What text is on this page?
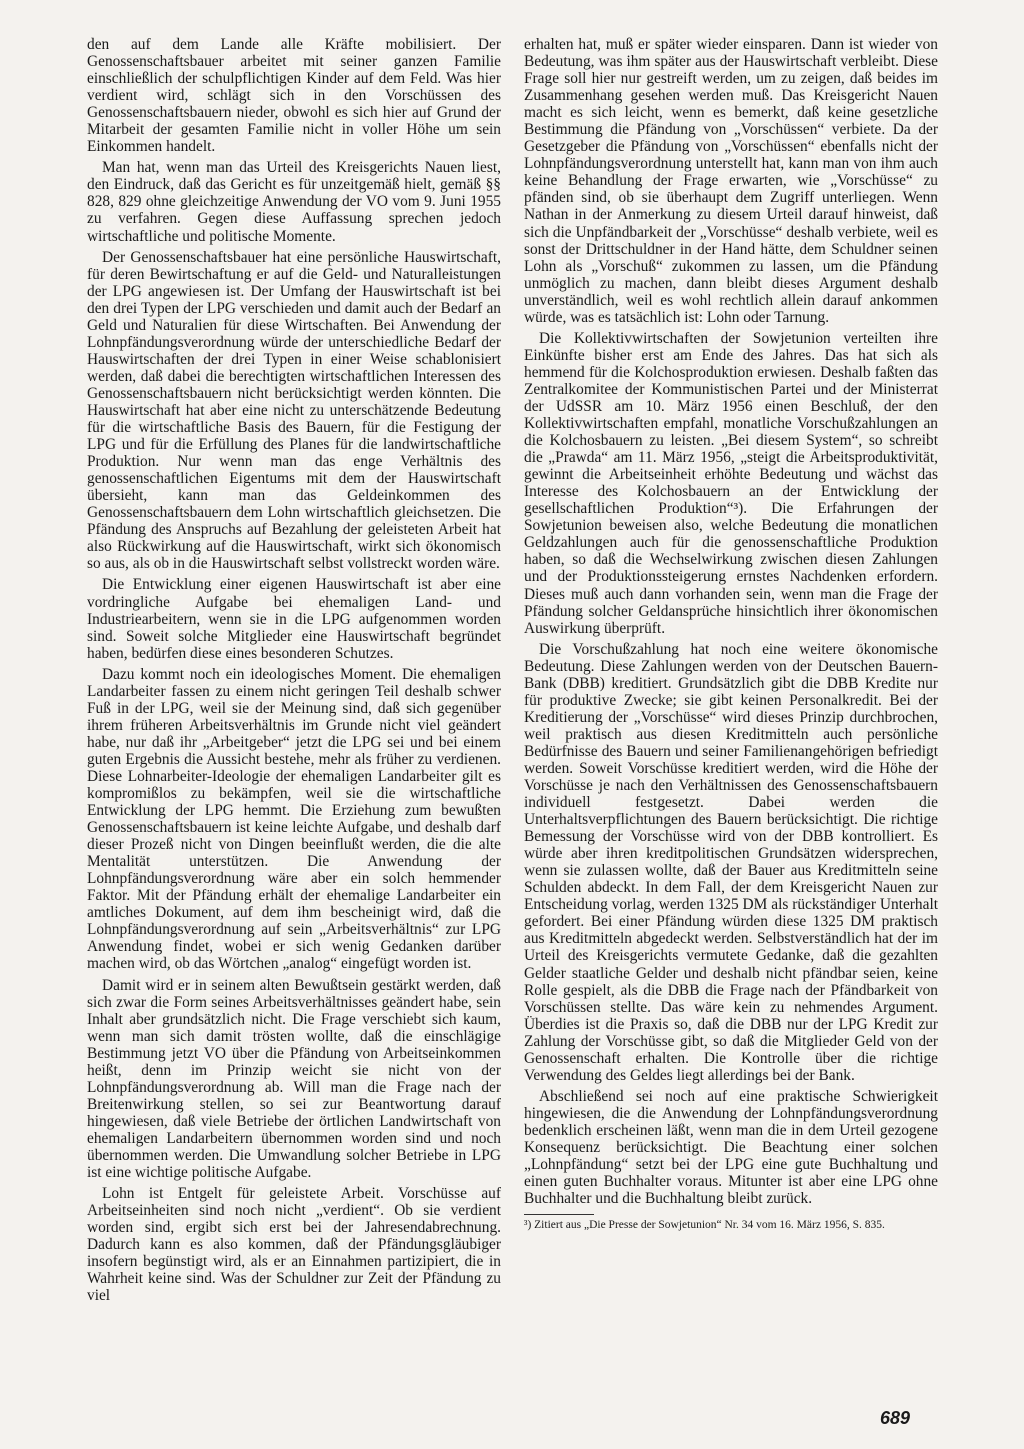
den auf dem Lande alle Kräfte mobilisiert. Der Genossenschaftsbauer arbeitet mit seiner ganzen Familie einschließlich der schulpflichtigen Kinder auf dem Feld. Was hier verdient wird, schlägt sich in den Vorschüssen des Genossenschaftsbauern nieder, obwohl es sich hier auf Grund der Mitarbeit der gesamten Familie nicht in voller Höhe um sein Einkommen handelt.

Man hat, wenn man das Urteil des Kreisgerichts Nauen liest, den Eindruck, daß das Gericht es für unzeitgemäß hielt, gemäß §§ 828, 829 ohne gleichzeitige Anwendung der VO vom 9. Juni 1955 zu verfahren. Gegen diese Auffassung sprechen jedoch wirtschaftliche und politische Momente.

Der Genossenschaftsbauer hat eine persönliche Hauswirtschaft, für deren Bewirtschaftung er auf die Geld- und Naturalleistungen der LPG angewiesen ist. Der Umfang der Hauswirtschaft ist bei den drei Typen der LPG verschieden und damit auch der Bedarf an Geld und Naturalien für diese Wirtschaften. Bei Anwendung der Lohnpfändungsverordnung würde der unterschiedliche Bedarf der Hauswirtschaften der drei Typen in einer Weise schablonisiert werden, daß dabei die berechtigten wirtschaftlichen Interessen des Genossenschaftsbauern nicht berücksichtigt werden könnten. Die Hauswirtschaft hat aber eine nicht zu unterschätzende Bedeutung für die wirtschaftliche Basis des Bauern, für die Festigung der LPG und für die Erfüllung des Planes für die landwirtschaftliche Produktion. Nur wenn man das enge Verhältnis des genossenschaftlichen Eigentums mit dem der Hauswirtschaft übersieht, kann man das Geldeinkommen des Genossenschaftsbauern dem Lohn wirtschaftlich gleichsetzen. Die Pfändung des Anspruchs auf Bezahlung der geleisteten Arbeit hat also Rückwirkung auf die Hauswirtschaft, wirkt sich ökonomisch so aus, als ob in die Hauswirtschaft selbst vollstreckt worden wäre.

Die Entwicklung einer eigenen Hauswirtschaft ist aber eine vordringliche Aufgabe bei ehemaligen Land- und Industriearbeitern, wenn sie in die LPG aufgenommen worden sind. Soweit solche Mitglieder eine Hauswirtschaft begründet haben, bedürfen diese eines besonderen Schutzes.

Dazu kommt noch ein ideologisches Moment. Die ehemaligen Landarbeiter fassen zu einem nicht geringen Teil deshalb schwer Fuß in der LPG, weil sie der Meinung sind, daß sich gegenüber ihrem früheren Arbeitsverhältnis im Grunde nicht viel geändert habe, nur daß ihr „Arbeitgeber“ jetzt die LPG sei und bei einem guten Ergebnis die Aussicht bestehe, mehr als früher zu verdienen. Diese Lohnarbeiter-Ideologie der ehemaligen Landarbeiter gilt es kompromißlos zu bekämpfen, weil sie die wirtschaftliche Entwicklung der LPG hemmt. Die Erziehung zum bewußten Genossenschaftsbauern ist keine leichte Aufgabe, und deshalb darf dieser Prozeß nicht von Dingen beeinflußt werden, die die alte Mentalität unterstützen. Die Anwendung der Lohnpfändungsverordnung wäre aber ein solch hemmender Faktor. Mit der Pfändung erhält der ehemalige Landarbeiter ein amtliches Dokument, auf dem ihm bescheinigt wird, daß die Lohnpfändungsverordnung auf sein „Arbeitsverhältnis“ zur LPG Anwendung findet, wobei er sich wenig Gedanken darüber machen wird, ob das Wörtchen „analog“ eingefügt worden ist.

Damit wird er in seinem alten Bewußtsein gestärkt werden, daß sich zwar die Form seines Arbeitsverhältnisses geändert habe, sein Inhalt aber grundsätzlich nicht. Die Frage verschiebt sich kaum, wenn man sich damit trösten wollte, daß die einschlägige Bestimmung jetzt VO über die Pfändung von Arbeitseinkommen heißt, denn im Prinzip weicht sie nicht von der Lohnpfändungsverordnung ab. Will man die Frage nach der Breitenwirkung stellen, so sei zur Beantwortung darauf hingewiesen, daß viele Betriebe der örtlichen Landwirtschaft von ehemaligen Landarbeitern übernommen worden sind und noch übernommen werden. Die Umwandlung solcher Betriebe in LPG ist eine wichtige politische Aufgabe.

Lohn ist Entgelt für geleistete Arbeit. Vorschüsse auf Arbeitseinheiten sind noch nicht „verdient“. Ob sie verdient worden sind, ergibt sich erst bei der Jahresendabrechnung. Dadurch kann es also kommen, daß der Pfändungsgläubiger insofern begünstigt wird, als er an Einnahmen partizipiert, die in Wahrheit keine sind. Was der Schuldner zur Zeit der Pfändung zu viel

erhalten hat, muß er später wieder einsparen. Dann ist wieder von Bedeutung, was ihm später aus der Hauswirtschaft verbleibt. Diese Frage soll hier nur gestreift werden, um zu zeigen, daß beides im Zusammenhang gesehen werden muß. Das Kreisgericht Nauen macht es sich leicht, wenn es bemerkt, daß keine gesetzliche Bestimmung die Pfändung von „Vorschüssen“ verbiete. Da der Gesetzgeber die Pfändung von „Vorschüssen“ ebenfalls nicht der Lohnpfändungsverordnung unterstellt hat, kann man von ihm auch keine Behandlung der Frage erwarten, wie „Vorschüsse“ zu pfänden sind, ob sie überhaupt dem Zugriff unterliegen. Wenn Nathan in der Anmerkung zu diesem Urteil darauf hinweist, daß sich die Unpfändbarkeit der „Vorschüsse“ deshalb verbiete, weil es sonst der Drittschuldner in der Hand hätte, dem Schuldner seinen Lohn als „Vorschuß“ zukommen zu lassen, um die Pfändung unmöglich zu machen, dann bleibt dieses Argument deshalb unverständlich, weil es wohl rechtlich allein darauf ankommen würde, was es tatsächlich ist: Lohn oder Tarnung.

Die Kollektivwirtschaften der Sowjetunion verteilten ihre Einkünfte bisher erst am Ende des Jahres. Das hat sich als hemmend für die Kolchosproduktion erwiesen. Deshalb faßten das Zentralkomitee der Kommunistischen Partei und der Ministerrat der UdSSR am 10. März 1956 einen Beschluß, der den Kollektivwirtschaften empfahl, monatliche Vorschußzahlungen an die Kolchosbauern zu leisten. „Bei diesem System“, so schreibt die „Prawda“ am 11. März 1956, „steigt die Arbeitsproduktivität, gewinnt die Arbeitseinheit erhöhte Bedeutung und wächst das Interesse des Kolchosbauern an der Entwicklung der gesellschaftlichen Produktion“³). Die Erfahrungen der Sowjetunion beweisen also, welche Bedeutung die monatlichen Geldzahlungen auch für die genossenschaftliche Produktion haben, so daß die Wechselwirkung zwischen diesen Zahlungen und der Produktionssteigerung ernstes Nachdenken erfordern. Dieses muß auch dann vorhanden sein, wenn man die Frage der Pfändung solcher Geldansprüche hinsichtlich ihrer ökonomischen Auswirkung überprüft.

Die Vorschußzahlung hat noch eine weitere ökonomische Bedeutung. Diese Zahlungen werden von der Deutschen Bauern-Bank (DBB) kreditiert. Grundsätzlich gibt die DBB Kredite nur für produktive Zwecke; sie gibt keinen Personalkredit. Bei der Kreditierung der „Vorschüsse“ wird dieses Prinzip durchbrochen, weil praktisch aus diesen Kreditmitteln auch persönliche Bedürfnisse des Bauern und seiner Familienangehörigen befriedigt werden. Soweit Vorschüsse kreditiert werden, wird die Höhe der Vorschüsse je nach den Verhältnissen des Genossenschaftsbauern individuell festgesetzt. Dabei werden die Unterhaltsverpflichtungen des Bauern berücksichtigt. Die richtige Bemessung der Vorschüsse wird von der DBB kontrolliert. Es würde aber ihren kreditpolitischen Grundsätzen widersprechen, wenn sie zulassen wollte, daß der Bauer aus Kreditmitteln seine Schulden abdeckt. In dem Fall, der dem Kreisgericht Nauen zur Entscheidung vorlag, werden 1325 DM als rückständiger Unterhalt gefordert. Bei einer Pfändung würden diese 1325 DM praktisch aus Kreditmitteln abgedeckt werden. Selbstverständlich hat der im Urteil des Kreisgerichts vermutete Gedanke, daß die gezahlten Gelder staatliche Gelder und deshalb nicht pfändbar seien, keine Rolle gespielt, als die DBB die Frage nach der Pfändbarkeit von Vorschüssen stellte. Das wäre kein zu nehmendes Argument. Überdies ist die Praxis so, daß die DBB nur der LPG Kredit zur Zahlung der Vorschüsse gibt, so daß die Mitglieder Geld von der Genossenschaft erhalten. Die Kontrolle über die richtige Verwendung des Geldes liegt allerdings bei der Bank.

Abschließend sei noch auf eine praktische Schwierigkeit hingewiesen, die die Anwendung der Lohnpfändungsverordnung bedenklich erscheinen läßt, wenn man die in dem Urteil gezogene Konsequenz berücksichtigt. Die Beachtung einer solchen „Lohnpfändung“ setzt bei der LPG eine gute Buchhaltung und einen guten Buchhalter voraus. Mitunter ist aber eine LPG ohne Buchhalter und die Buchhaltung bleibt zurück.

³) Zitiert aus „Die Presse der Sowjetunion“ Nr. 34 vom 16. März 1956, S. 835.

689
